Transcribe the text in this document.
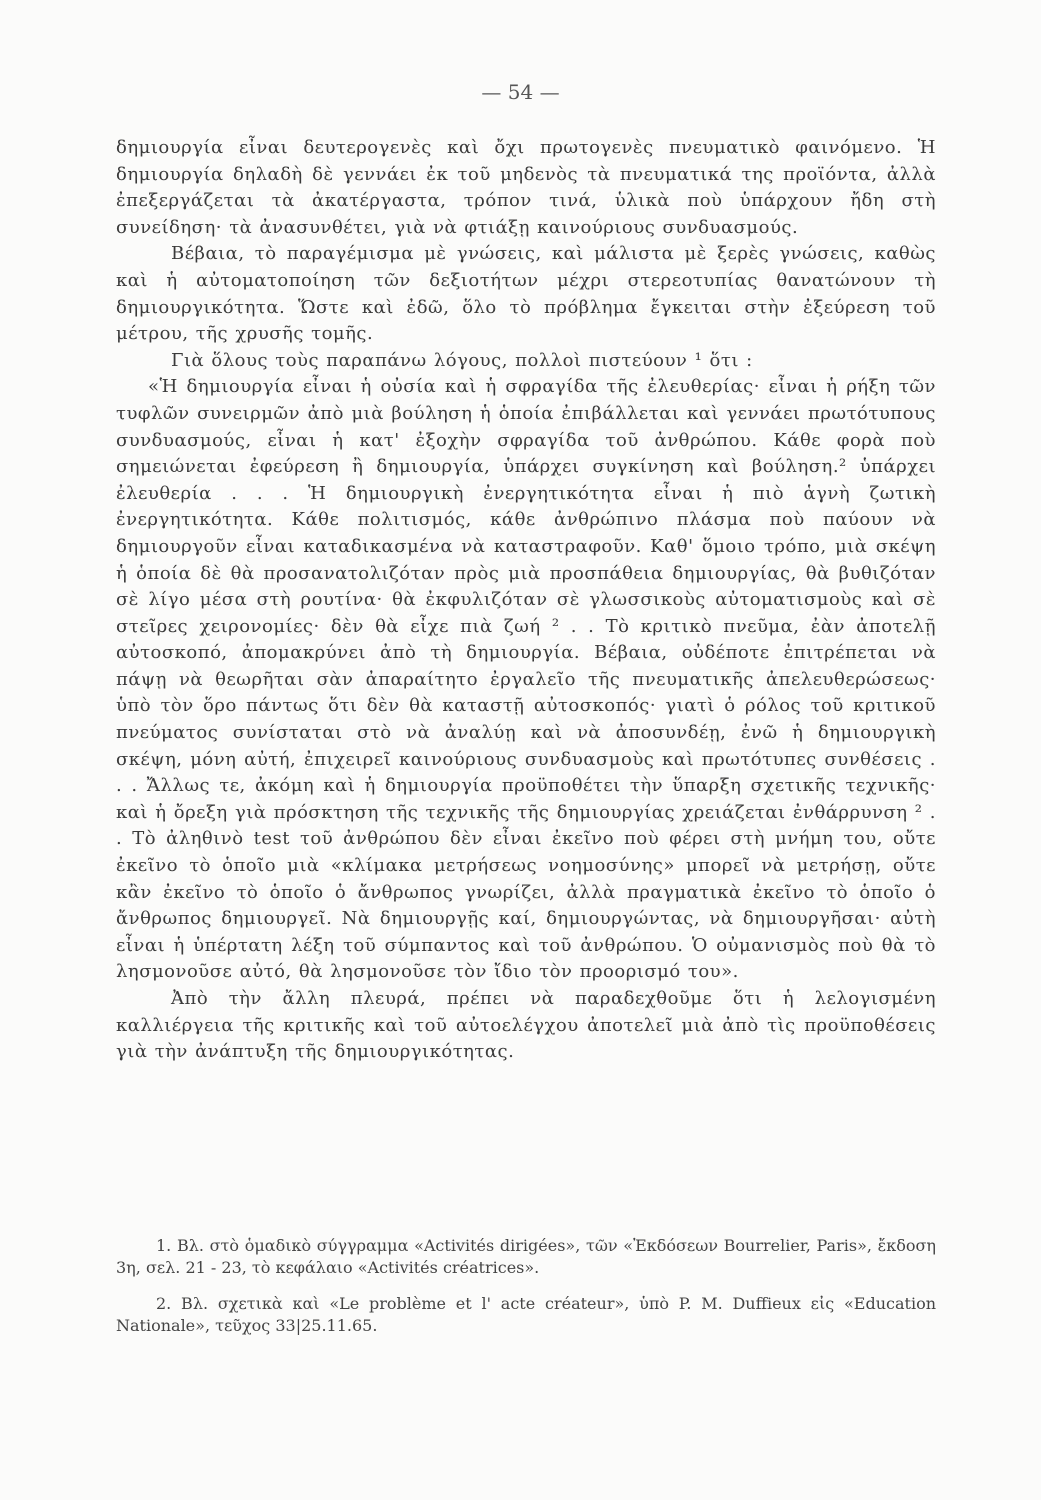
— 54 —

δημιουργία εἶναι δευτερογενὲς καὶ ὄχι πρωτογενὲς πνευματικὸ φαινόμενο. Ἡ δημιουργία δηλαδὴ δὲ γεννάει ἐκ τοῦ μηδενὸς τὰ πνευματικά της προϊόντα, ἀλλὰ ἐπεξεργάζεται τὰ ἀκατέργαστα, τρόπον τινά, ὑλικὰ ποὺ ὑπάρχουν ἤδη στὴ συνείδηση· τὰ ἀνασυνθέτει, γιὰ νὰ φτιάξῃ καινούριους συνδυασμούς.

Βέβαια, τὸ παραγέμισμα μὲ γνώσεις, καὶ μάλιστα μὲ ξερὲς γνώσεις, καθὼς καὶ ἡ αὐτοματοποίηση τῶν δεξιοτήτων μέχρι στερεοτυπίας θανατώνουν τὴ δημιουργικότητα. Ὥστε καὶ ἐδῶ, ὅλο τὸ πρόβλημα ἔγκειται στὴν ἐξεύρεση τοῦ μέτρου, τῆς χρυσῆς τομῆς.

Γιὰ ὅλους τοὺς παραπάνω λόγους, πολλοὶ πιστεύουν ¹ ὅτι :

«Ἡ δημιουργία εἶναι ἡ οὐσία καὶ ἡ σφραγίδα τῆς ἐλευθερίας· εἶναι ἡ ρήξη τῶν τυφλῶν συνειρμῶν ἀπὸ μιὰ βούληση ἡ ὁποία ἐπιβάλλεται καὶ γεννάει πρωτότυπους συνδυασμούς, εἶναι ἡ κατ' ἐξοχὴν σφραγίδα τοῦ ἀνθρώπου. Κάθε φορὰ ποὺ σημειώνεται ἐφεύρεση ἢ δημιουργία, ὑπάρχει συγκίνηση καὶ βούληση.² ὑπάρχει ἐλευθερία . . . Ἡ δημιουργικὴ ἐνεργητικότητα εἶναι ἡ πιὸ ἁγνὴ ζωτικὴ ἐνεργητικότητα. Κάθε πολιτισμός, κάθε ἀνθρώπινο πλάσμα ποὺ παύουν νὰ δημιουργοῦν εἶναι καταδικασμένα νὰ καταστραφοῦν. Καθ' ὅμοιο τρόπο, μιὰ σκέψη ἡ ὁποία δὲ θὰ προσανατολιζόταν πρὸς μιὰ προσπάθεια δημιουργίας, θὰ βυθιζόταν σὲ λίγο μέσα στὴ ρουτίνα· θὰ ἐκφυλιζόταν σὲ γλωσσικοὺς αὐτοματισμοὺς καὶ σὲ στεῖρες χειρονομίες· δὲν θὰ εἶχε πιὰ ζωή ² . . Τὸ κριτικὸ πνεῦμα, ἐὰν ἀποτελῇ αὐτοσκοπό, ἀπομακρύνει ἀπὸ τὴ δημιουργία. Βέβαια, οὐδέποτε ἐπιτρέπεται νὰ πάψῃ νὰ θεωρῆται σὰν ἀπαραίτητο ἐργαλεῖο τῆς πνευματικῆς ἀπελευθερώσεως· ὑπὸ τὸν ὅρο πάντως ὅτι δὲν θὰ καταστῇ αὐτοσκοπός· γιατὶ ὁ ρόλος τοῦ κριτικοῦ πνεύματος συνίσταται στὸ νὰ ἀναλύῃ καὶ νὰ ἀποσυνδέῃ, ἐνῶ ἡ δημιουργικὴ σκέψη, μόνη αὐτή, ἐπιχειρεῖ καινούριους συνδυασμοὺς καὶ πρωτότυπες συνθέσεις . . . Ἄλλως τε, ἀκόμη καὶ ἡ δημιουργία προϋποθέτει τὴν ὕπαρξη σχετικῆς τεχνικῆς· καὶ ἡ ὄρεξη γιὰ πρόσκτηση τῆς τεχνικῆς τῆς δημιουργίας χρειάζεται ἐνθάρρυνση ² . . Τὸ ἀληθινὸ test τοῦ ἀνθρώπου δὲν εἶναι ἐκεῖνο ποὺ φέρει στὴ μνήμη του, οὔτε ἐκεῖνο τὸ ὁποῖο μιὰ «κλίμακα μετρήσεως νοημοσύνης» μπορεῖ νὰ μετρήσῃ, οὔτε κἂν ἐκεῖνο τὸ ὁποῖο ὁ ἄνθρωπος γνωρίζει, ἀλλὰ πραγματικὰ ἐκεῖνο τὸ ὁποῖο ὁ ἄνθρωπος δημιουργεῖ. Νὰ δημιουργῇς καί, δημιουργώντας, νὰ δημιουργῆσαι· αὐτὴ εἶναι ἡ ὑπέρτατη λέξη τοῦ σύμπαντος καὶ τοῦ ἀνθρώπου. Ὁ οὐμανισμὸς ποὺ θὰ τὸ λησμονοῦσε αὐτό, θὰ λησμονοῦσε τὸν ἴδιο τὸν προορισμό του».

Ἀπὸ τὴν ἄλλη πλευρά, πρέπει νὰ παραδεχθοῦμε ὅτι ἡ λελογισμένη καλλιέργεια τῆς κριτικῆς καὶ τοῦ αὐτοελέγχου ἀποτελεῖ μιὰ ἀπὸ τὶς προϋποθέσεις γιὰ τὴν ἀνάπτυξη τῆς δημιουργικότητας.

1. Βλ. στὸ ὁμαδικὸ σύγγραμμα «Activités dirigées», τῶν «Ἐκδόσεων Bourrelier, Paris», ἔκδοση 3η, σελ. 21 - 23, τὸ κεφάλαιο «Activités créatrices».

2. Βλ. σχετικὰ καὶ «Le problème et l' acte créateur», ὑπὸ P. M. Duffieux εἰς «Education Nationale», τεῦχος 33|25.11.65.
